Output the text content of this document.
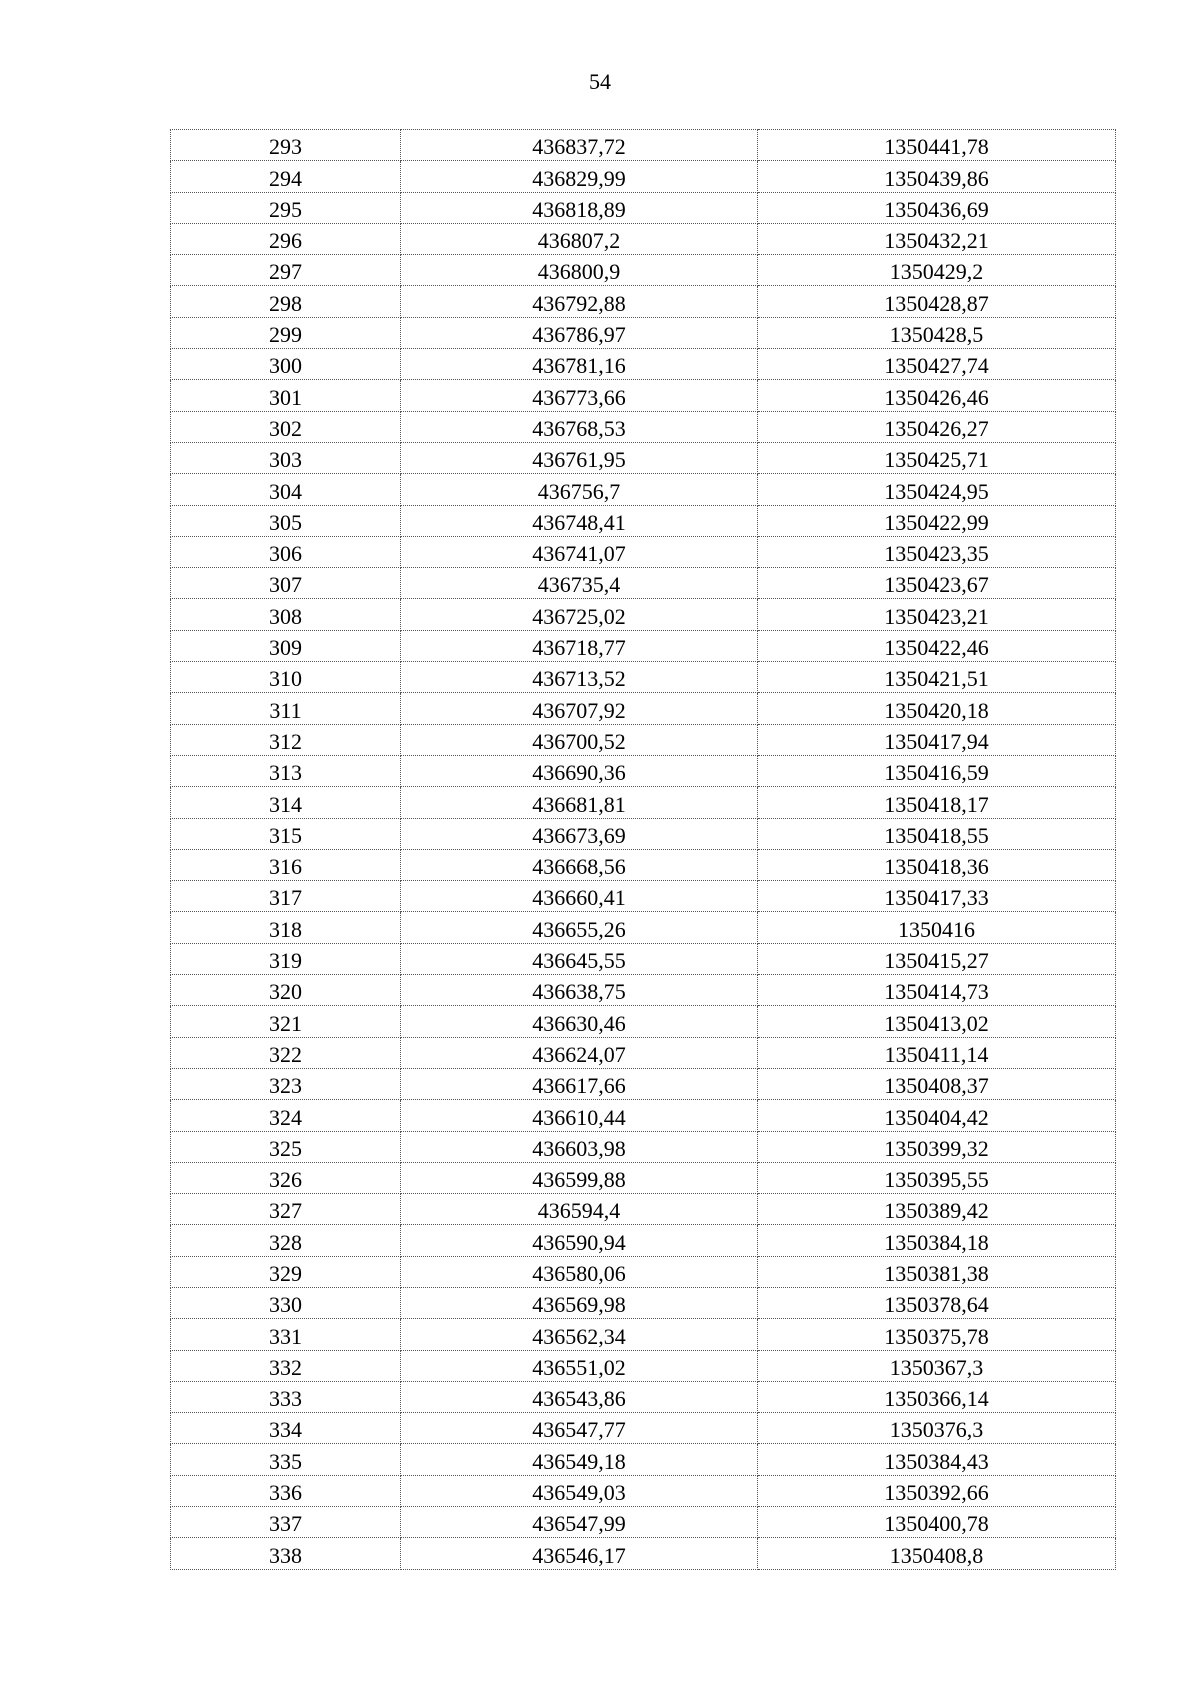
54
293	436837,72	1350441,78
294	436829,99	1350439,86
295	436818,89	1350436,69
296	436807,2	1350432,21
297	436800,9	1350429,2
298	436792,88	1350428,87
299	436786,97	1350428,5
300	436781,16	1350427,74
301	436773,66	1350426,46
302	436768,53	1350426,27
303	436761,95	1350425,71
304	436756,7	1350424,95
305	436748,41	1350422,99
306	436741,07	1350423,35
307	436735,4	1350423,67
308	436725,02	1350423,21
309	436718,77	1350422,46
310	436713,52	1350421,51
311	436707,92	1350420,18
312	436700,52	1350417,94
313	436690,36	1350416,59
314	436681,81	1350418,17
315	436673,69	1350418,55
316	436668,56	1350418,36
317	436660,41	1350417,33
318	436655,26	1350416
319	436645,55	1350415,27
320	436638,75	1350414,73
321	436630,46	1350413,02
322	436624,07	1350411,14
323	436617,66	1350408,37
324	436610,44	1350404,42
325	436603,98	1350399,32
326	436599,88	1350395,55
327	436594,4	1350389,42
328	436590,94	1350384,18
329	436580,06	1350381,38
330	436569,98	1350378,64
331	436562,34	1350375,78
332	436551,02	1350367,3
333	436543,86	1350366,14
334	436547,77	1350376,3
335	436549,18	1350384,43
336	436549,03	1350392,66
337	436547,99	1350400,78
338	436546,17	1350408,8
